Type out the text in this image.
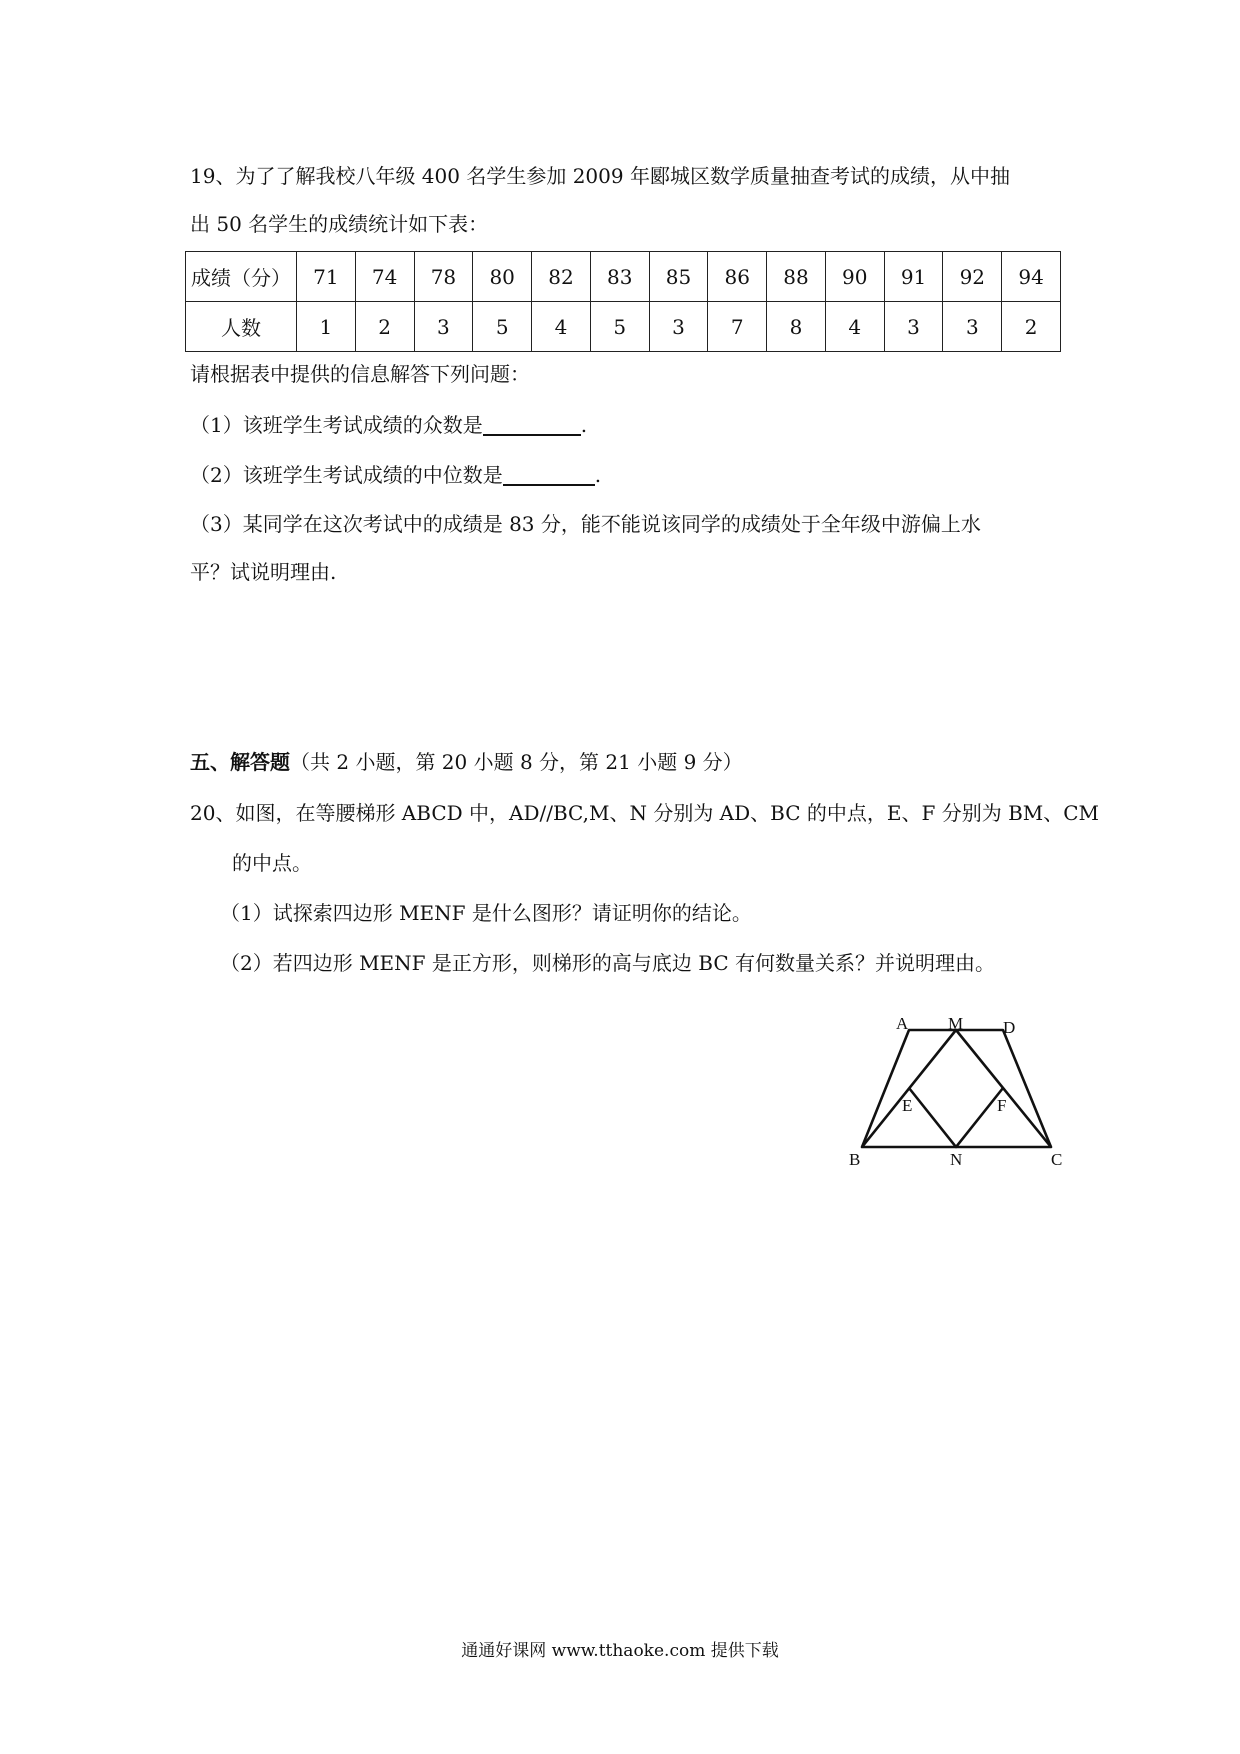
19、为了了解我校八年级 400 名学生参加 2009 年郾城区数学质量抽查考试的成绩，从中抽
出 50 名学生的成绩统计如下表：
成绩（分）	71	74	78	80	82	83	85	86	88	90	91	92	94
人数	1	2	3	5	4	5	3	7	8	4	3	3	2
请根据表中提供的信息解答下列问题：
（1）该班学生考试成绩的众数是	.
（2）该班学生考试成绩的中位数是	.
（3）某同学在这次考试中的成绩是 83 分，能不能说该同学的成绩处于全年级中游偏上水
平？试说明理由.
五、解答题（共 2 小题，第 20 小题 8 分，第 21 小题 9 分）
20、如图，在等腰梯形 ABCD 中，AD//BC,M、N 分别为 AD、BC 的中点，E、F 分别为 BM、CM
的中点。
（1）试探索四边形 MENF 是什么图形？请证明你的结论。
（2）若四边形 MENF 是正方形，则梯形的高与底边 BC 有何数量关系？并说明理由。
A M D
E	F
B	N	C
通通好课网 www.tthaoke.com 提供下载
